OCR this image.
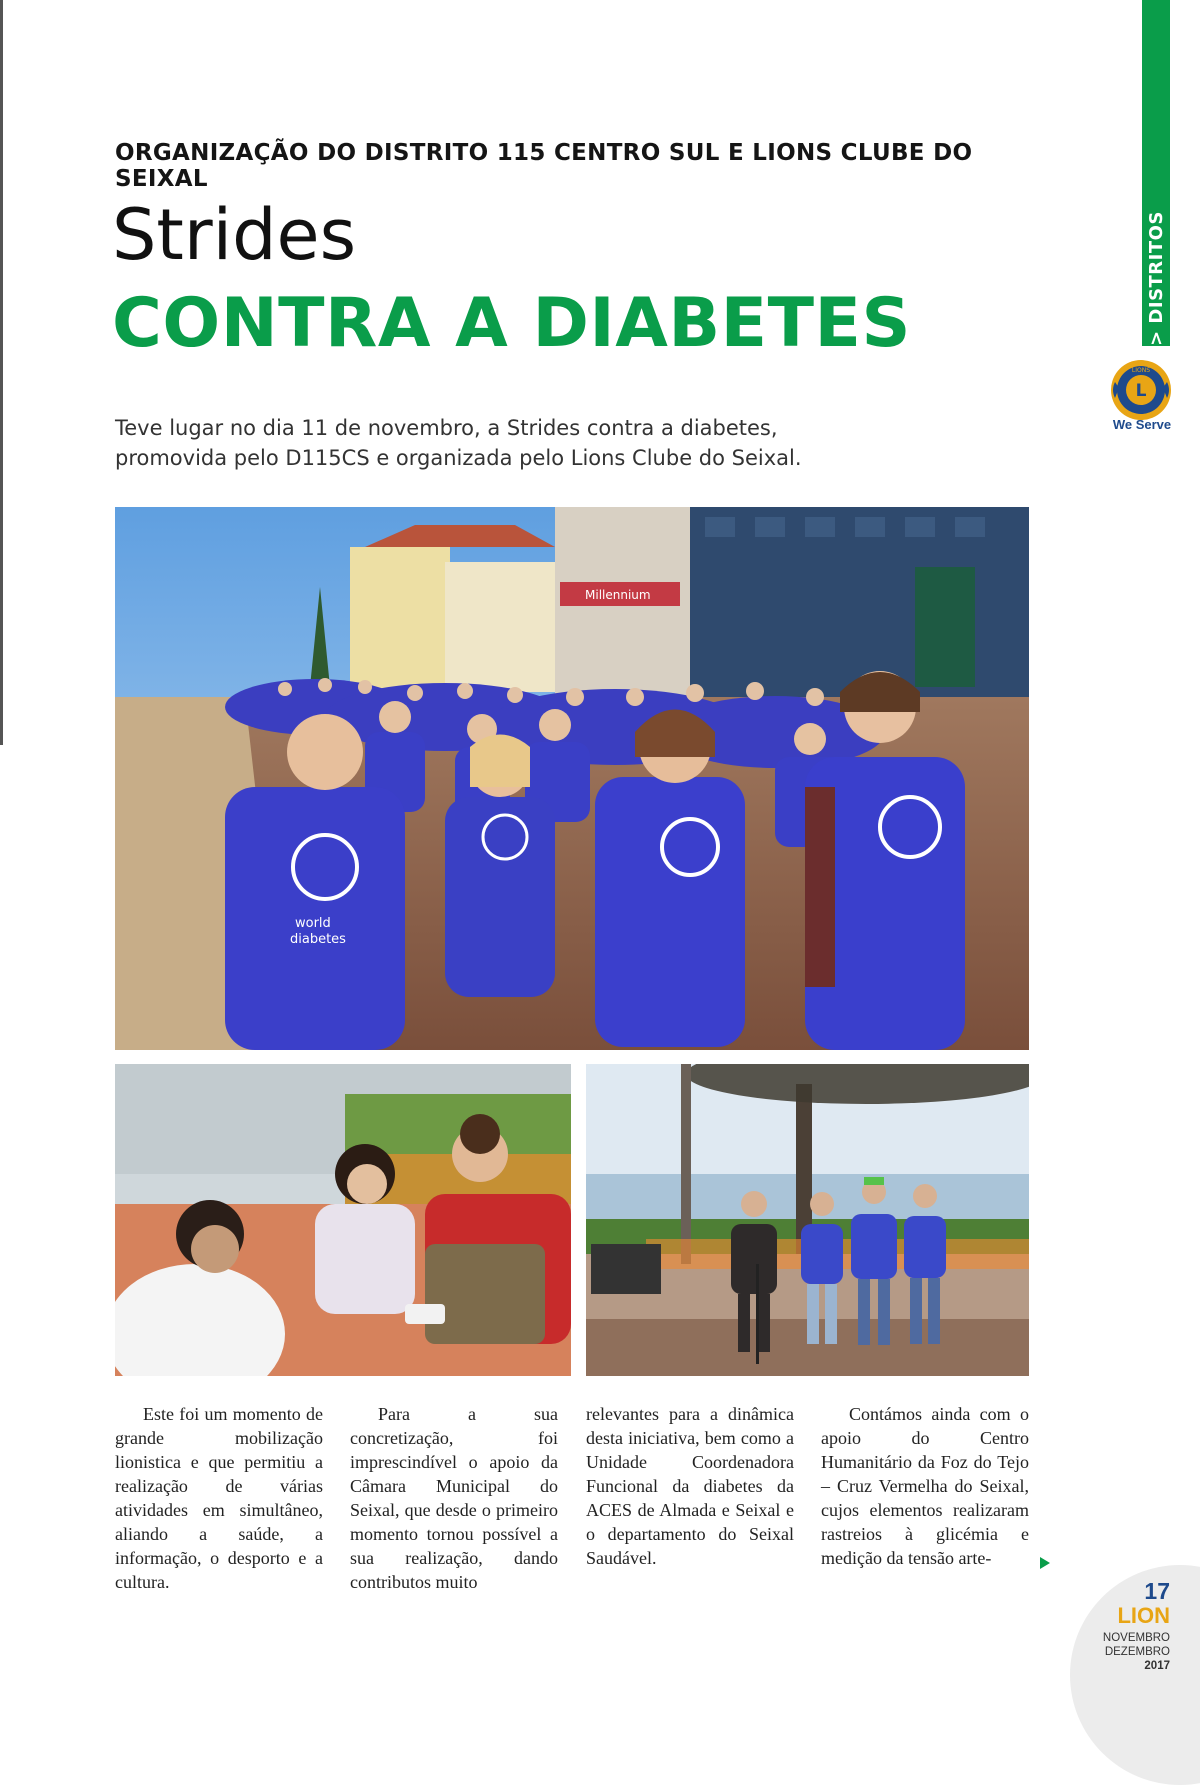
> DISTRITOS
L
LIONS
We Serve
ORGANIZAÇÃO DO DISTRITO 115 CENTRO SUL E LIONS CLUBE DO SEIXAL
Strides
CONTRA A DIABETES
Teve lugar no dia 11 de novembro, a Strides contra a diabetes,
promovida pelo D115CS e organizada pelo Lions Clube do Seixal.
Millennium
world
diabetes

Este foi um momento de grande mobilização lionistica e que permitiu a realização de várias atividades em simultâneo, aliando a saúde, a informação, o desporto e a cultura.

Para a sua concretização, foi imprescindível o apoio da Câmara Municipal do Seixal, que desde o primeiro momento tornou possível a sua realização, dando contributos muito

relevantes para a dinâmica desta iniciativa, bem como a Unidade Coordenadora Funcional da diabetes da ACES de Almada e Seixal e o departamento do Seixal Saudável.

Contámos ainda com o apoio do Centro Humanitário da Foz do Tejo – Cruz Vermelha do Seixal, cujos elementos realizaram rastreios à glicémia e medição da tensão arte-

17
LION
NOVEMBRO
DEZEMBRO
2017
